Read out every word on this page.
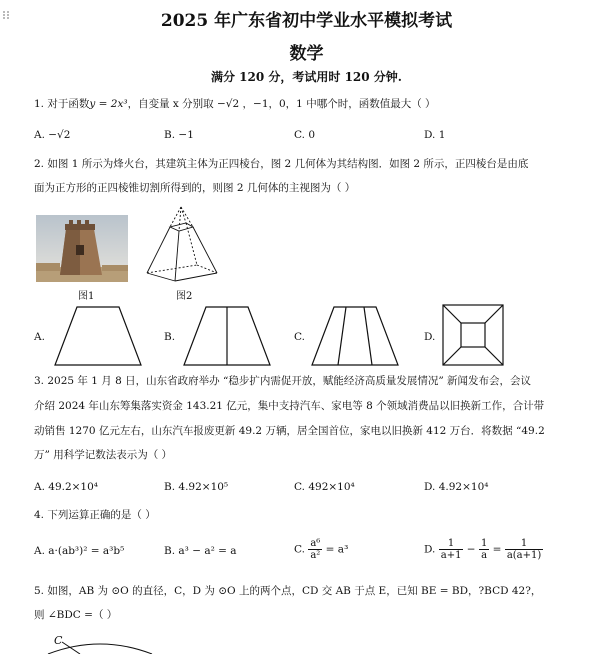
2025 年广东省初中学业水平模拟考试
数学
满分 120 分，考试用时 120 分钟.
1. 对于函数y = 2x³，自变量 x 分别取 −√2 ，−1，0，1 中哪个时，函数值最大（ ）
A. −√2	B. −1	C. 0	D. 1
2. 如图 1 所示为烽火台，其建筑主体为正四棱台，图 2 几何体为其结构图．如图 2 所示，正四棱台是由底
面为正方形的正四棱锥切割所得到的，则图 2 几何体的主视图为（ ）
图1	图2
A.	B.	C.	D.
3. 2025 年 1 月 8 日，山东省政府举办 “稳步扩内需促开放，赋能经济高质量发展情况” 新闻发布会，会议
介绍 2024 年山东筹集落实资金 143.21 亿元，集中支持汽车、家电等 8 个领域消费品以旧换新工作，合计带
动销售 1270 亿元左右，山东汽车报废更新 49.2 万辆，居全国首位，家电以旧换新 412 万台．将数据 “49.2
万” 用科学记数法表示为（ ）
A. 49.2×10⁴	B. 4.92×10⁵	C. 492×10⁴	D. 4.92×10⁴
4. 下列运算正确的是（ ）
A. a·(ab³)² = a³b⁵	B. a³ − a² = a	C. $\frac{\text{a⁶}}{\text{a²}} = a^3$	D. $\frac{1}{a+1} - \frac{1}{a} = \frac{1}{a(a+1)}$
5. 如图，AB 为 ⊙O 的直径，C，D 为 ⊙O 上的两个点，CD 交 AB 于点 E，已知 BE = BD，?BCD 42?，
则 ∠BDC =（ ）
C
